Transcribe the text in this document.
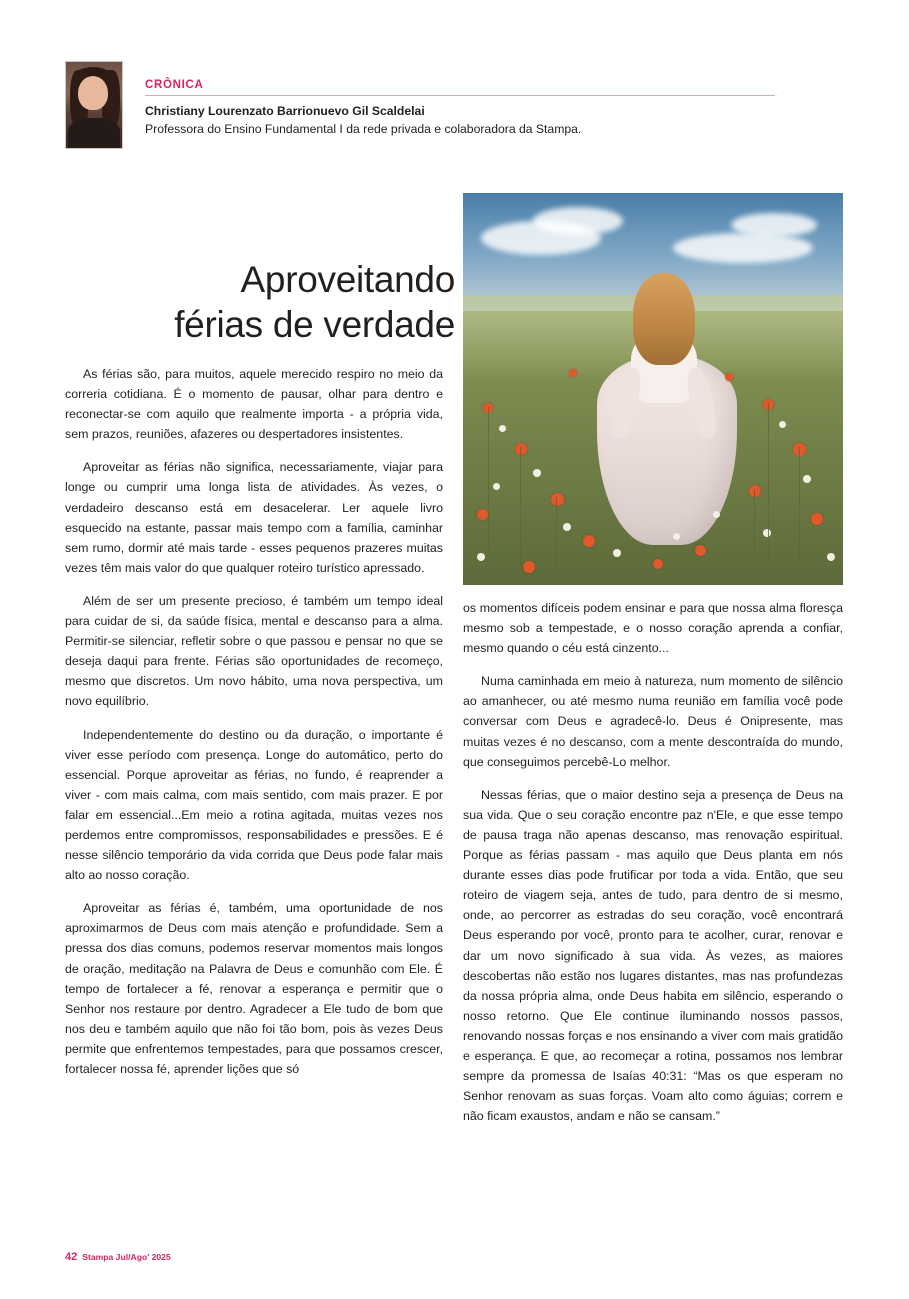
CRÔNICA
Christiany Lourenzato Barrionuevo Gil Scaldelai
Professora do Ensino Fundamental I da rede privada e colaboradora da Stampa.
Aproveitando
férias de verdade

As férias são, para muitos, aquele merecido respiro no meio da correria cotidiana. É o momento de pausar, olhar para dentro e reconectar-se com aquilo que realmente importa - a própria vida, sem prazos, reuniões, afazeres ou despertadores insistentes.

Aproveitar as férias não significa, necessariamente, viajar para longe ou cumprir uma longa lista de atividades. Às vezes, o verdadeiro descanso está em desacelerar. Ler aquele livro esquecido na estante, passar mais tempo com a família, caminhar sem rumo, dormir até mais tarde - esses pequenos prazeres muitas vezes têm mais valor do que qualquer roteiro turístico apressado.

Além de ser um presente precioso, é também um tempo ideal para cuidar de si, da saúde física, mental e descanso para a alma. Permitir-se silenciar, refletir sobre o que passou e pensar no que se deseja daqui para frente. Férias são oportunidades de recomeço, mesmo que discretos. Um novo hábito, uma nova perspectiva, um novo equilíbrio.

Independentemente do destino ou da duração, o importante é viver esse período com presença. Longe do automático, perto do essencial. Porque aproveitar as férias, no fundo, é reaprender a viver - com mais calma, com mais sentido, com mais prazer. E por falar em essencial...Em meio a rotina agitada, muitas vezes nos perdemos entre compromissos, responsabilidades e pressões. E é nesse silêncio temporário da vida corrida que Deus pode falar mais alto ao nosso coração.

Aproveitar as férias é, também, uma oportunidade de nos aproximarmos de Deus com mais atenção e profundidade. Sem a pressa dos dias comuns, podemos reservar momentos mais longos de oração, meditação na Palavra de Deus e comunhão com Ele. É tempo de fortalecer a fé, renovar a esperança e permitir que o Senhor nos restaure por dentro. Agradecer a Ele tudo de bom que nos deu e também aquilo que não foi tão bom, pois às vezes Deus permite que enfrentemos tempestades, para que possamos crescer, fortalecer nossa fé, aprender lições que só

os momentos difíceis podem ensinar e para que nossa alma floresça mesmo sob a tempestade, e o nosso coração aprenda a confiar, mesmo quando o céu está cinzento...

Numa caminhada em meio à natureza, num momento de silêncio ao amanhecer, ou até mesmo numa reunião em família você pode conversar com Deus e agradecê-lo. Deus é Onipresente, mas muitas vezes é no descanso, com a mente descontraída do mundo, que conseguimos percebê-Lo melhor.

Nessas férias, que o maior destino seja a presença de Deus na sua vida. Que o seu coração encontre paz n'Ele, e que esse tempo de pausa traga não apenas descanso, mas renovação espiritual. Porque as férias passam - mas aquilo que Deus planta em nós durante esses dias pode frutificar por toda a vida. Então, que seu roteiro de viagem seja, antes de tudo, para dentro de si mesmo, onde, ao percorrer as estradas do seu coração, você encontrará Deus esperando por você, pronto para te acolher, curar, renovar e dar um novo significado à sua vida. Às vezes, as maiores descobertas não estão nos lugares distantes, mas nas profundezas da nossa própria alma, onde Deus habita em silêncio, esperando o nosso retorno. Que Ele continue iluminando nossos passos, renovando nossas forças e nos ensinando a viver com mais gratidão e esperança. E que, ao recomeçar a rotina, possamos nos lembrar sempre da promessa de Isaías 40:31: “Mas os que esperam no Senhor renovam as suas forças. Voam alto como águias; correm e não ficam exaustos, andam e não se cansam.”

42 Stampa Jul/Ago' 2025
